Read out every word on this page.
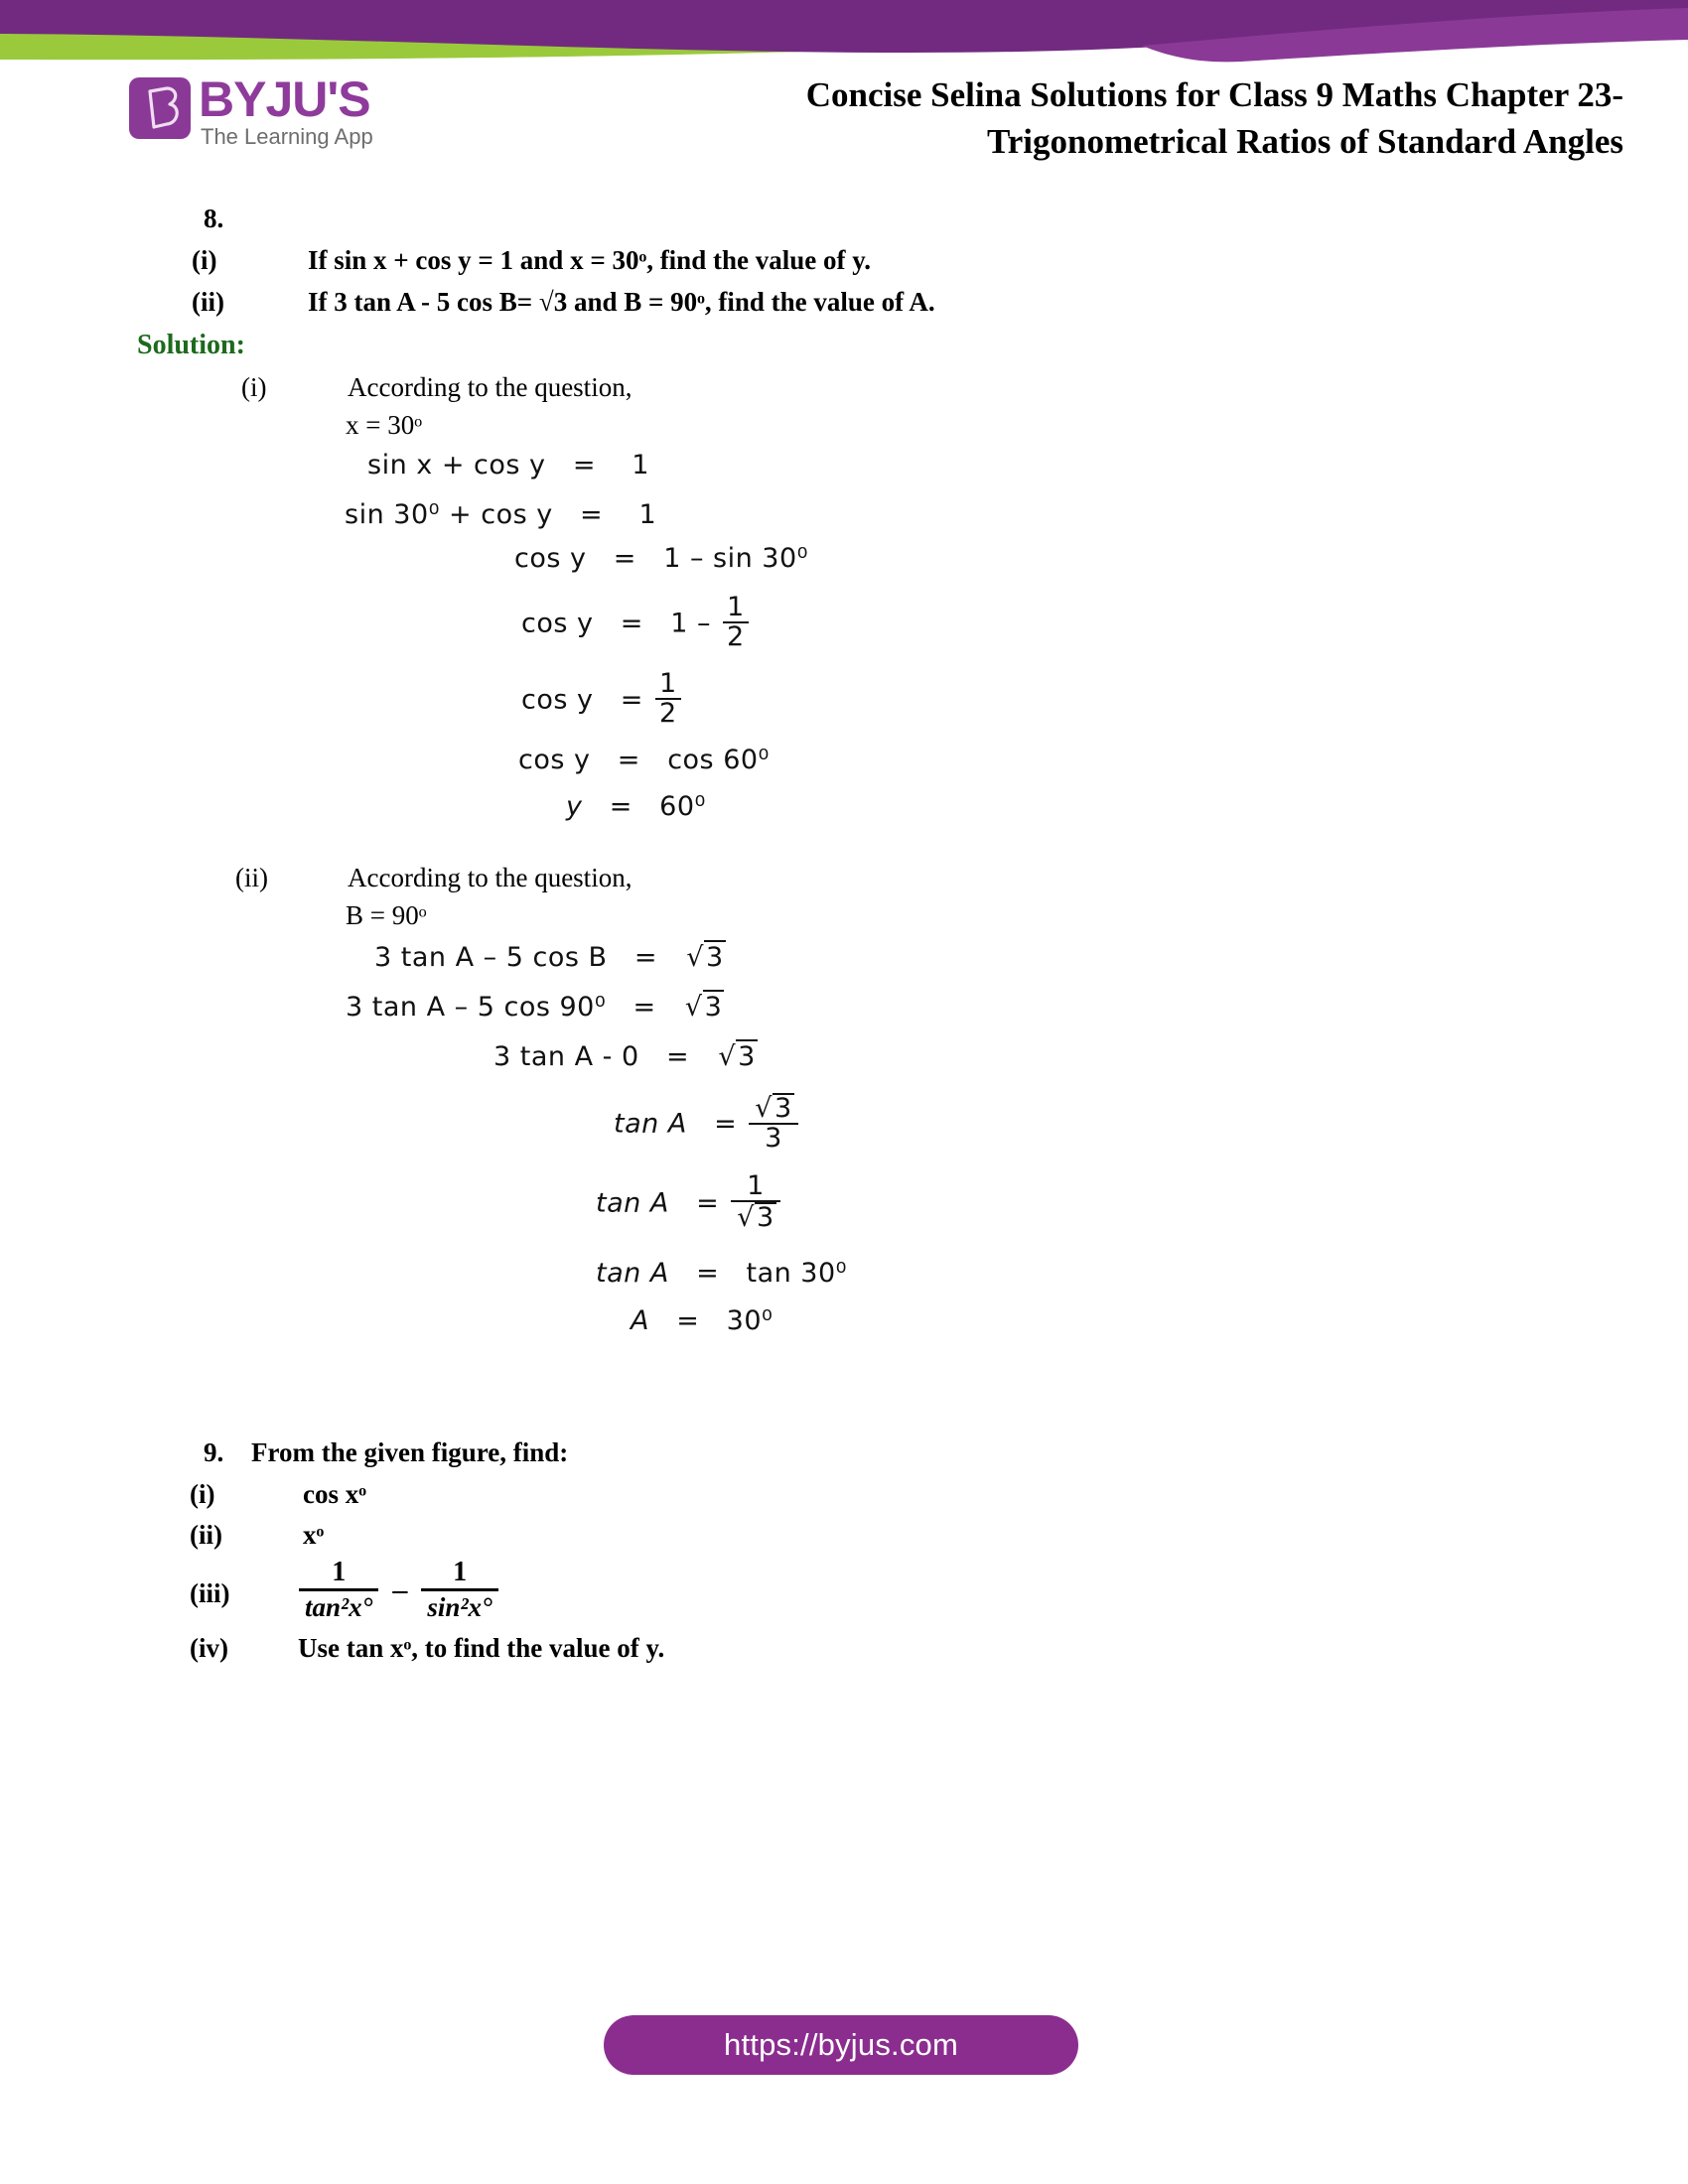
BYJU'S
The Learning App
Concise Selina Solutions for Class 9 Maths Chapter 23-
Trigonometrical Ratios of Standard Angles
8.
(i)	If sin x + cos y = 1 and x = 30ᵒ, find the value of y.
(ii)	If 3 tan A - 5 cos B= √3 and B = 90ᵒ, find the value of A.
Solution:
(i)	According to the question,
x = 30ᵒ
sin x + cos y = 1
sin 30⁰ + cos y = 1
cos y = 1 – sin 30⁰
$\cos y = 1 - \frac{1}{2}$
$\cos y = \frac{1}{2}$
cos y = cos 60⁰
y = 60⁰
(ii)	According to the question,
B = 90ᵒ
3 tan A – 5 cos B = √3
3 tan A – 5 cos 90⁰ = √3
3 tan A - 0 = √3
$\tan A = \frac{√3}{3}$
$\tan A = \frac{1}{√3}$
tan A = tan 30⁰
A = 30⁰
9. From the given figure, find:
(i)	cos xᵒ
(ii)	xᵒ
$(iii) \frac{1}{\text{tan²x°}} - \frac{1}{\text{sin²x°}}$
(iv)	Use tan xᵒ, to find the value of y.
https://byjus.com
